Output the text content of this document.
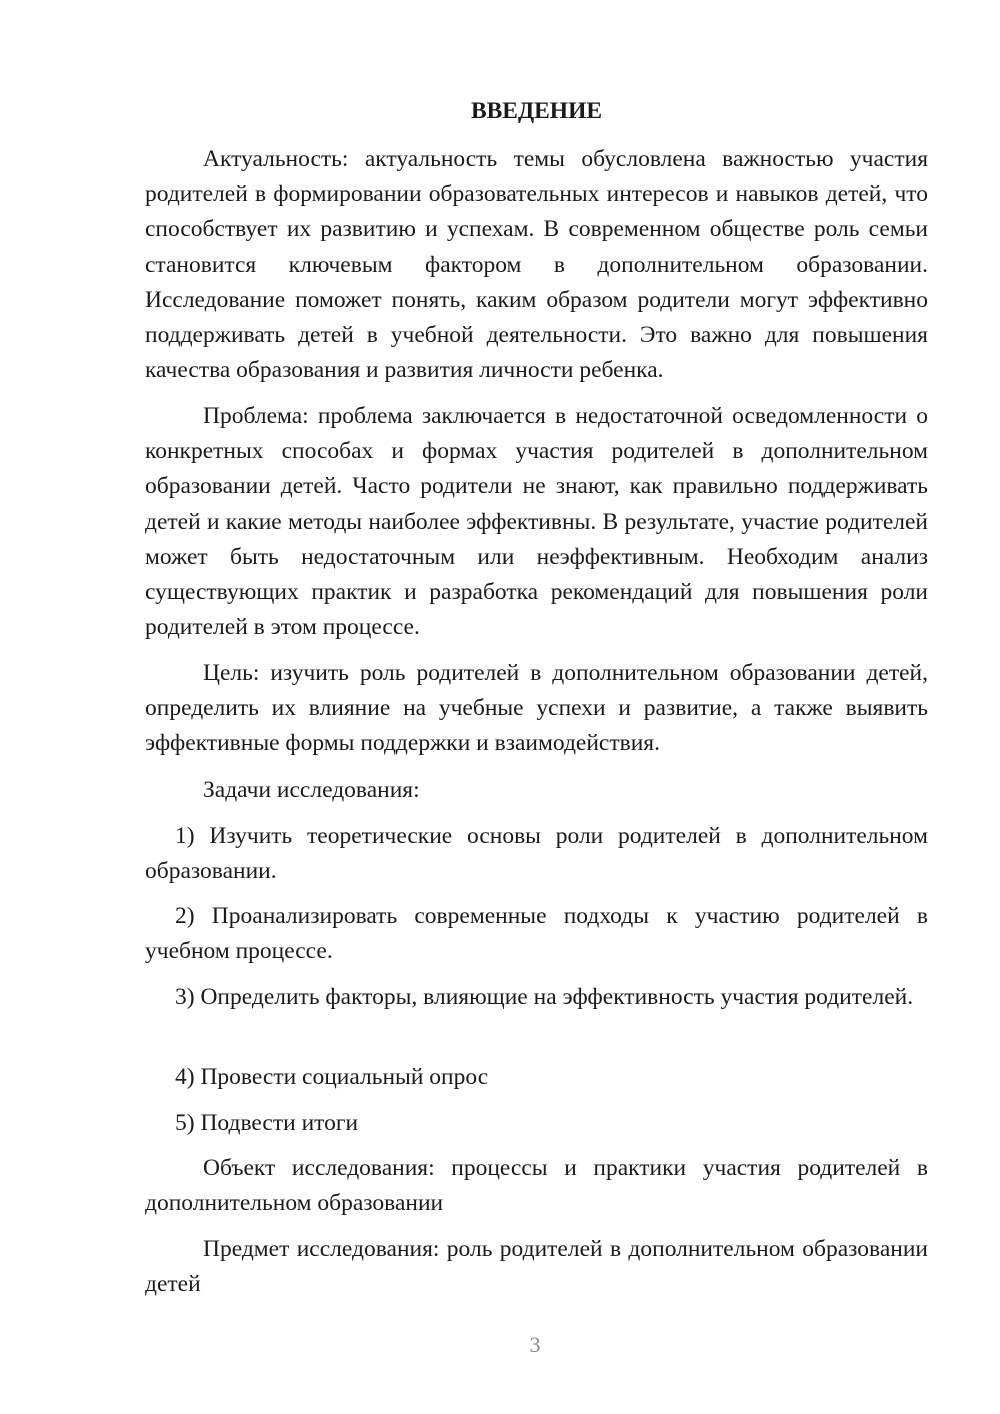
ВВЕДЕНИЕ
Актуальность: актуальность темы обусловлена важностью участия родителей в формировании образовательных интересов и навыков детей, что способствует их развитию и успехам. В современном обществе роль семьи становится ключевым фактором в дополнительном образовании. Исследование поможет понять, каким образом родители могут эффективно поддерживать детей в учебной деятельности. Это важно для повышения качества образования и развития личности ребенка.
Проблема: проблема заключается в недостаточной осведомленности о конкретных способах и формах участия родителей в дополнительном образовании детей. Часто родители не знают, как правильно поддерживать детей и какие методы наиболее эффективны. В результате, участие родителей может быть недостаточным или неэффективным. Необходим анализ существующих практик и разработка рекомендаций для повышения роли родителей в этом процессе.
Цель: изучить роль родителей в дополнительном образовании детей, определить их влияние на учебные успехи и развитие, а также выявить эффективные формы поддержки и взаимодействия.
Задачи исследования:
1) Изучить теоретические основы роли родителей в дополнительном образовании.
2) Проанализировать современные подходы к участию родителей в учебном процессе.
3) Определить факторы, влияющие на эффективность участия родителей.
4) Провести социальный опрос
5) Подвести итоги
Объект исследования: процессы и практики участия родителей в дополнительном образовании
Предмет исследования: роль родителей в дополнительном образовании детей
3
